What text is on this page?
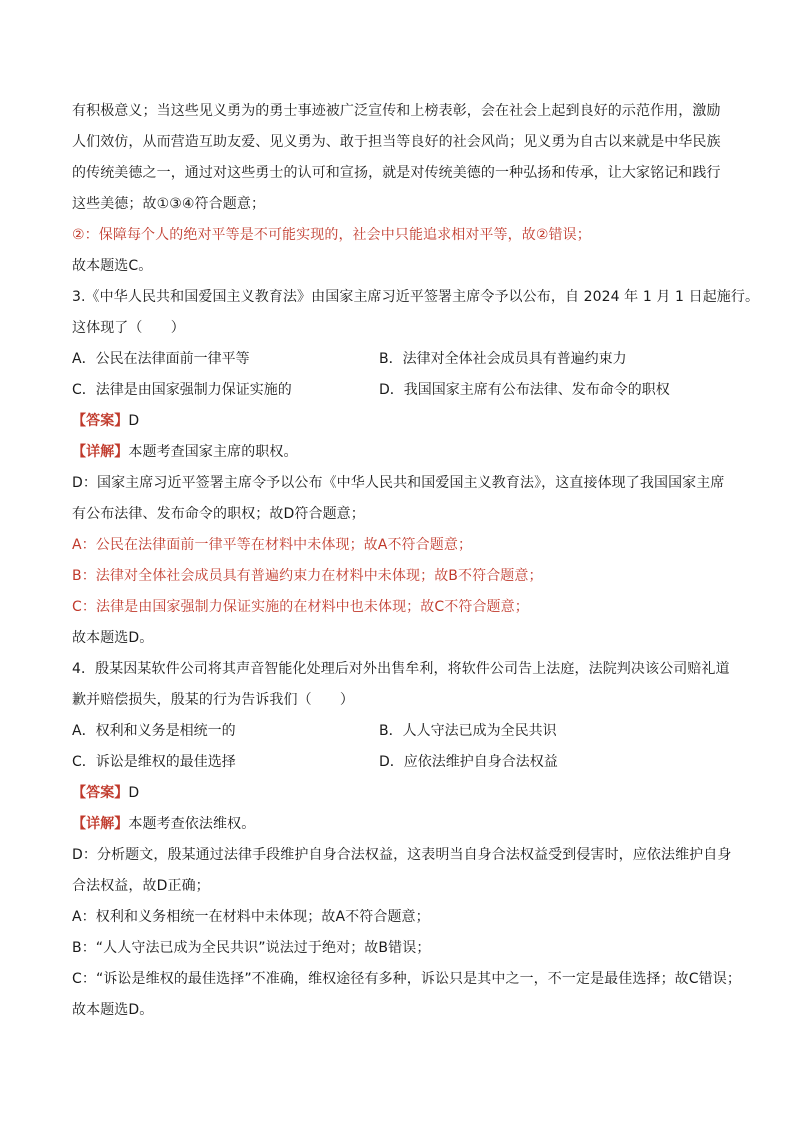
有积极意义；当这些见义勇为的勇士事迹被广泛宣传和上榜表彰，会在社会上起到良好的示范作用，激励
人们效仿，从而营造互助友爱、见义勇为、敢于担当等良好的社会风尚；见义勇为自古以来就是中华民族
的传统美德之一，通过对这些勇士的认可和宣扬，就是对传统美德的一种弘扬和传承，让大家铭记和践行
这些美德；故①③④符合题意；
②：保障每个人的绝对平等是不可能实现的，社会中只能追求相对平等，故②错误；
故本题选C。
3.《中华人民共和国爱国主义教育法》由国家主席习近平签署主席令予以公布，自 2024 年 1 月 1 日起施行。
这体现了（　　）
A．公民在法律面前一律平等	B．法律对全体社会成员具有普遍约束力
C．法律是由国家强制力保证实施的	D．我国国家主席有公布法律、发布命令的职权
【答案】D
【详解】本题考查国家主席的职权。
D：国家主席习近平签署主席令予以公布《中华人民共和国爱国主义教育法》，这直接体现了我国国家主席
有公布法律、发布命令的职权；故D符合题意；
A：公民在法律面前一律平等在材料中未体现；故A不符合题意；
B：法律对全体社会成员具有普遍约束力在材料中未体现；故B不符合题意；
C：法律是由国家强制力保证实施的在材料中也未体现；故C不符合题意；
故本题选D。
4．殷某因某软件公司将其声音智能化处理后对外出售牟利，将软件公司告上法庭，法院判决该公司赔礼道
歉并赔偿损失，殷某的行为告诉我们（　　）
A．权利和义务是相统一的	B．人人守法已成为全民共识
C．诉讼是维权的最佳选择	D．应依法维护自身合法权益
【答案】D
【详解】本题考查依法维权。
D：分析题文，殷某通过法律手段维护自身合法权益，这表明当自身合法权益受到侵害时，应依法维护自身
合法权益，故D正确；
A：权利和义务相统一在材料中未体现；故A不符合题意；
B：“人人守法已成为全民共识”说法过于绝对；故B错误；
C：“诉讼是维权的最佳选择”不准确，维权途径有多种，诉讼只是其中之一，不一定是最佳选择；故C错误；
故本题选D。
